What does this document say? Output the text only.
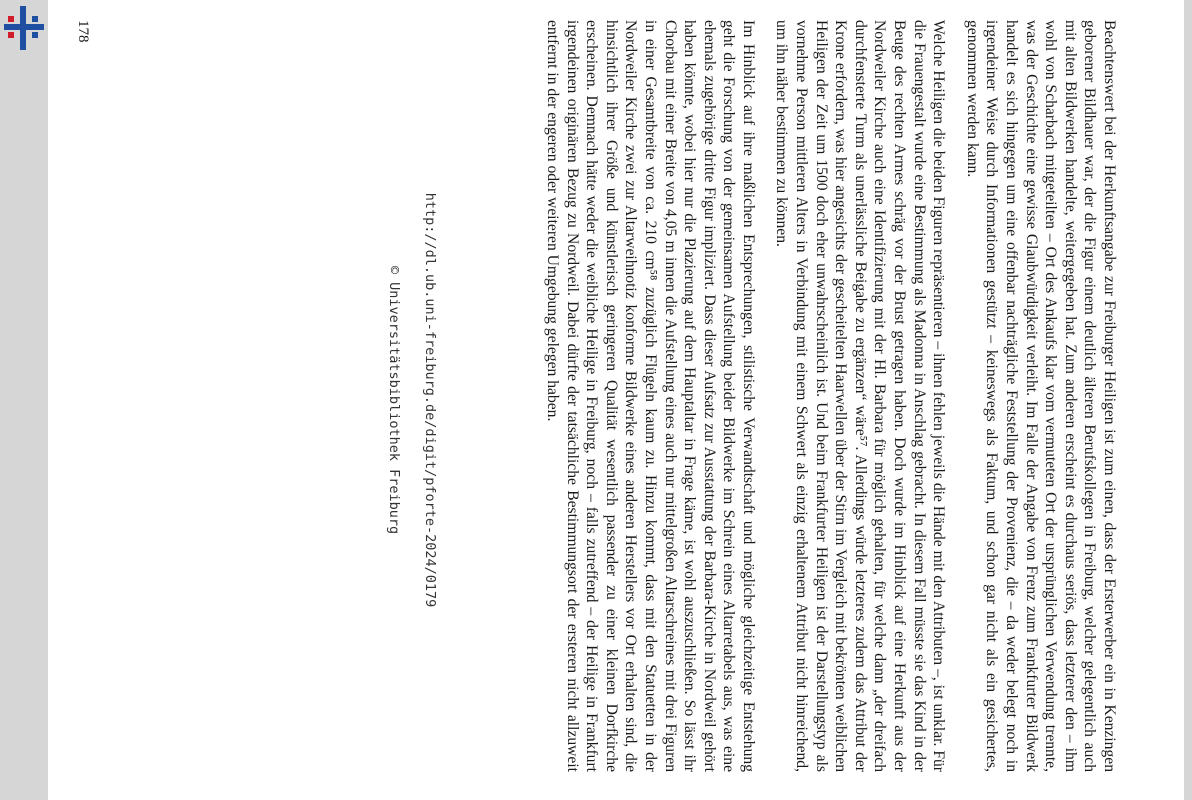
http://dl.ub.uni-freiburg.de/digit/pforte-2024/0179
© Universitätsbibliothek Freiburg	Beachtenswert bei der Herkunftsangabe zur Freiburger Heiligen ist zum einen, dass der Ersterwerber ein in Kenzingen geborener Bildhauer war, der die Figur einem deutlich älteren Berufskollegen in Freiburg, welcher gelegentlich auch mit alten Bildwerken handelte, weitergegeben hat. Zum anderen erscheint es durchaus seriös, dass letzterer den – ihm wohl von Scharbach mitgeteilten – Ort des Ankaufs klar vom vermuteten Ort der ursprünglichen Verwendung trennte, was der Geschichte eine gewisse Glaubwürdigkeit verleiht. Im Falle der Angabe von Frenz zum Frankfurter Bildwerk handelt es sich hingegen um eine offenbar nachträgliche Feststellung der Provenienz, die – da weder belegt noch in irgendeiner Weise durch Informationen gestützt – keineswegs als Faktum, und schon gar nicht als ein gesichertes, genommen werden kann.

Welche Heiligen die beiden Figuren repräsentieren – ihnen fehlen jeweils die Hände mit den Attributen –, ist unklar. Für die Frauengestalt wurde eine Bestimmung als Madonna in Anschlag gebracht. In diesem Fall müsste sie das Kind in der Beuge des rechten Armes schräg vor der Brust getragen haben. Doch wurde im Hinblick auf eine Herkunft aus der Nordweiler Kirche auch eine Identifizierung mit der Hl. Barbara für möglich gehalten, für welche dann „der dreifach durchfensterte Turm als unerlässliche Beigabe zu ergänzen“ wäre⁵⁷. Allerdings würde letzteres zudem das Attribut der Krone erfordern, was hier angesichts der gescheitelten Haarwellen über der Stirn im Vergleich mit bekrönten weiblichen Heiligen der Zeit um 1500 doch eher unwahrscheinlich ist. Und beim Frankfurter Heiligen ist der Darstellungstyp als vornehme Person mittleren Alters in Verbindung mit einem Schwert als einzig erhaltenem Attribut nicht hinreichend, um ihn näher bestimmen zu können.

Im Hinblick auf ihre maßlichen Entsprechungen, stilistische Verwandtschaft und mögliche gleichzeitige Entstehung geht die Forschung von der gemeinsamen Aufstellung beider Bildwerke im Schrein eines Altarretabels aus, was eine ehemals zugehörige dritte Figur impliziert. Dass dieser Aufsatz zur Ausstattung der Barbara-Kirche in Nordweil gehört haben könnte, wobei hier nur die Plazierung auf dem Hauptaltar in Frage käme, ist wohl auszuschließen. So lässt ihr Chorbau mit einer Breite von 4,05 m innen die Aufstellung eines auch nur mittelgroßen Altarschreines mit drei Figuren in einer Gesamtbreite von ca. 210 cm⁵⁸ zuzüglich Flügeln kaum zu. Hinzu kommt, dass mit den Statuetten in der Nordweiler Kirche zwei zur Altarweihnotiz konforme Bildwerke eines anderen Herstellers vor Ort erhalten sind, die hinsichtlich ihrer Größe und künstlerisch geringeren Qualität wesentlich passender zu einer kleinen Dorfkirche erscheinen. Demnach hätte weder die weibliche Heilige in Freiburg, noch – falls zutreffend – der Heilige in Frankfurt irgendeinen originären Bezug zu Nordweil. Dabei dürfte der tatsächliche Bestimmungsort der ersteren nicht allzuweit entfernt in der engeren oder weiteren Umgebung gelegen haben.

178
